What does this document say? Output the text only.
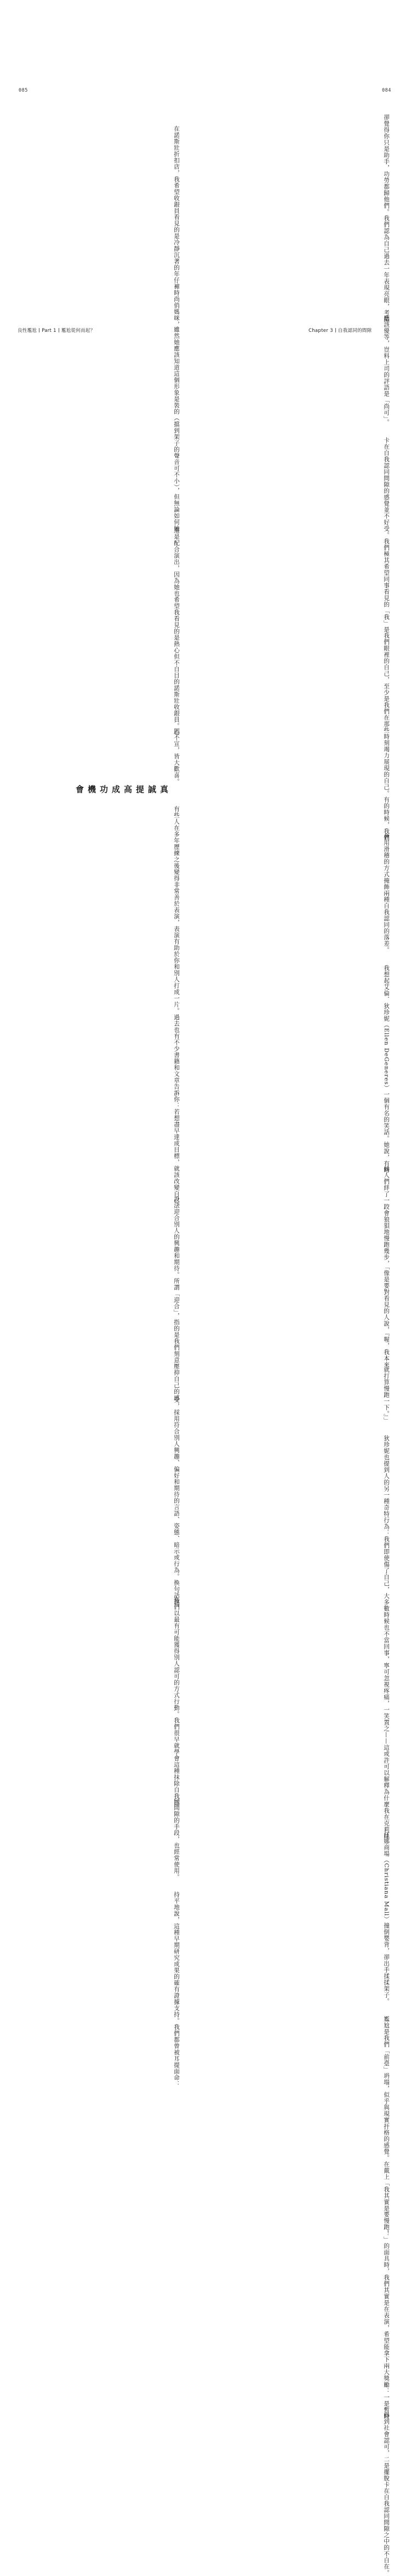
085
在諾斯壯折扣店，我希望收銀員看見的是冷靜沉著的年仔褲時尚俏媽咪，
雖然她應該知道這個形象是裝的（擋到架子的聲音可不小），但無論如何她
還是配合演出，因為她也希望我看見的是熱心但不自目的諾斯壯收銀員。心
照不宣，皆大歡喜。
真誠提高成功機會
有些人在多年歷練之後變得非常善於表演，表演有助於你和別人打成
一片。過去也有不少書籍和文章告訴你：若想盡早達成目標，就該改變自己，
設法迎合別人的興趣和期待。所謂「迎合」，指的是我們刻意壓抑自己的感
受，採用符合別人興趣、偏好和期待的言語、姿態、暗示或行為。換句話說，
我們以最有可能獲得別人認可的方式行動。我們很早就學會這種抹除自我認
同間隙的手段，也經常使用。
持平地說，這種早期研究成果的確有證據支持。我們都曾被耳提面命：
良性尷尬 Part 1 尷尬從何而起？
084
卻覺得你只是助手，功勞都歸他們。我們認為自己過去一年表現亮眼，考績
應該優等，豈料上司的評語是「尚可」。
卡在自我認同間隙的感覺並不好受。我們極其希望同事看見的「我」是
我們眼裡的自己，至少是我們在那些時刻竭力展現的自己。有的時候，我們
會用滑稽的方式掩飾兩種自我認同的落差。
我想起艾倫．狄珍妮（Ellen DeGeneres）一個有名的笑話。她說，有時
候人們絆了一跤會狼狽地慢跑幾步，「像是要對看見的人說，『喔，我本來
就打算慢跑一下。』」
狄珍妮也提到人的另一種奇特行為：我們即使傷了自己，大多數時候也
不當回事，寧可忽視疼痛，一笑置之——這或許可以解釋為什麼我在克莉絲
汀娜商場（Christiana Mall）撞倒嬰背，卻出手揉揉架子。
尷尬是我們「前臺」坍塌，似乎與現實扞格的感覺。在戴上「我其實是
要慢跑！」的面具時，我們其實是在表演，希望能拿下兩大獎勵：一是暫時
得到社會認可，二是擺脫卡在自我認同間隙之中的不自在。
Chapter 3 自我認同的間隙
